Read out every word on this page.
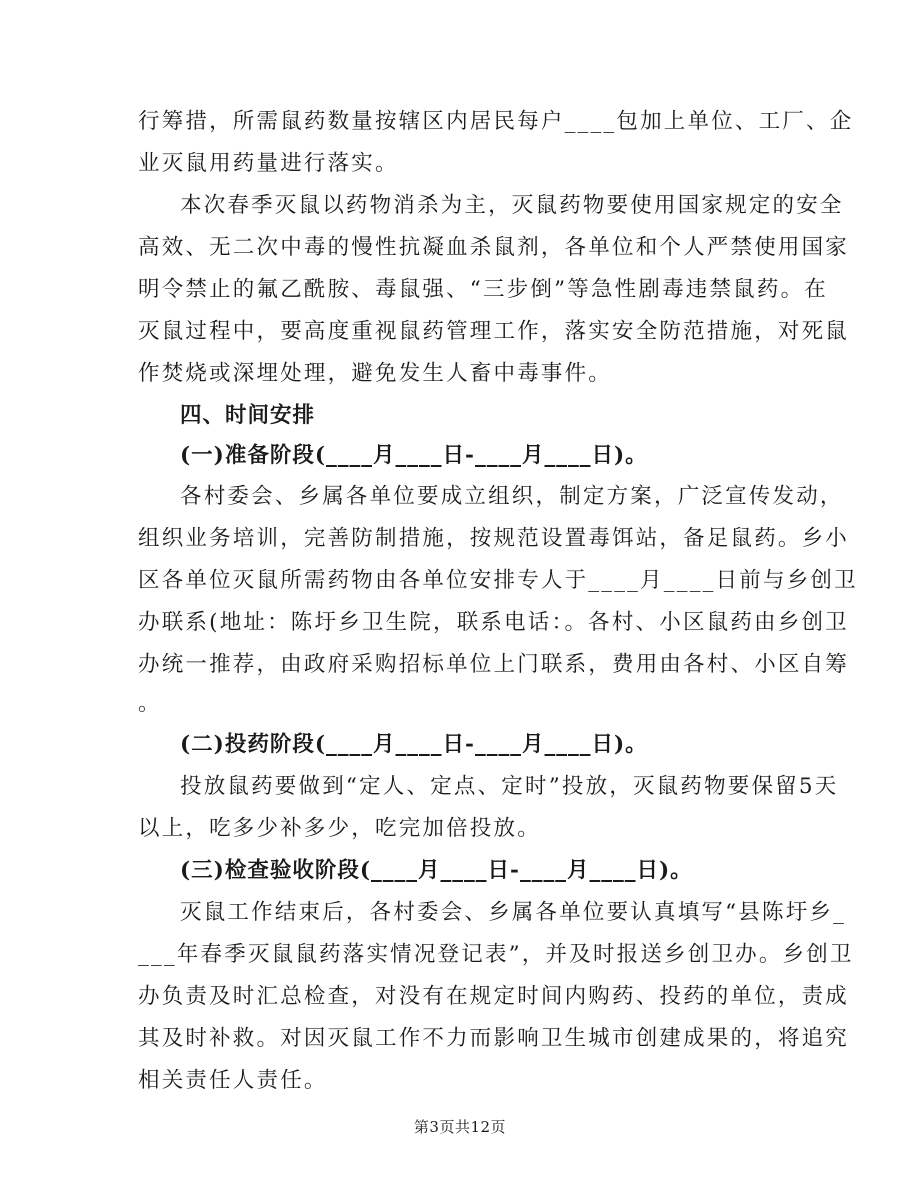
行筹措，所需鼠药数量按辖区内居民每户____包加上单位、工厂、企
业灭鼠用药量进行落实。
本次春季灭鼠以药物消杀为主，灭鼠药物要使用国家规定的安全
高效、无二次中毒的慢性抗凝血杀鼠剂，各单位和个人严禁使用国家
明令禁止的氟乙酰胺、毒鼠强、“三步倒”等急性剧毒违禁鼠药。在
灭鼠过程中，要高度重视鼠药管理工作，落实安全防范措施，对死鼠
作焚烧或深埋处理，避免发生人畜中毒事件。
四、时间安排
(一)准备阶段(____月____日-____月____日)。
各村委会、乡属各单位要成立组织，制定方案，广泛宣传发动，
组织业务培训，完善防制措施，按规范设置毒饵站，备足鼠药。乡小
区各单位灭鼠所需药物由各单位安排专人于____月____日前与乡创卫
办联系(地址：陈圩乡卫生院，联系电话：。各村、小区鼠药由乡创卫
办统一推荐，由政府采购招标单位上门联系，费用由各村、小区自筹
。
(二)投药阶段(____月____日-____月____日)。
投放鼠药要做到“定人、定点、定时”投放，灭鼠药物要保留5天
以上，吃多少补多少，吃完加倍投放。
(三)检查验收阶段(____月____日-____月____日)。
灭鼠工作结束后，各村委会、乡属各单位要认真填写“县陈圩乡_
___年春季灭鼠鼠药落实情况登记表”，并及时报送乡创卫办。乡创卫
办负责及时汇总检查，对没有在规定时间内购药、投药的单位，责成
其及时补救。对因灭鼠工作不力而影响卫生城市创建成果的，将追究
相关责任人责任。
第3页共12页
